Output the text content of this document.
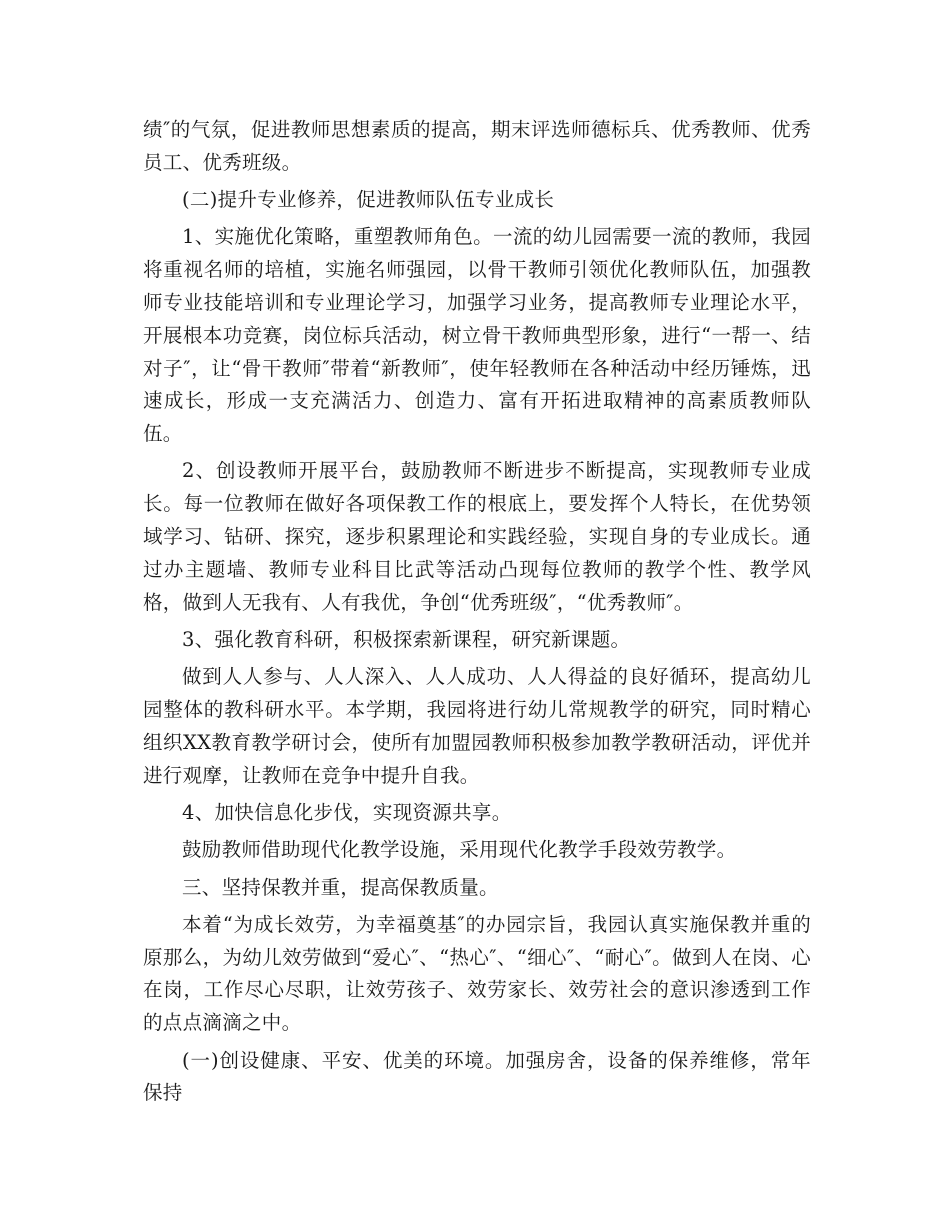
绩″的气氛，促进教师思想素质的提高，期末评选师德标兵、优秀教师、优秀员工、优秀班级。

(二)提升专业修养，促进教师队伍专业成长

1、实施优化策略，重塑教师角色。一流的幼儿园需要一流的教师，我园将重视名师的培植，实施名师强园，以骨干教师引领优化教师队伍，加强教师专业技能培训和专业理论学习，加强学习业务，提高教师专业理论水平，开展根本功竞赛，岗位标兵活动，树立骨干教师典型形象，进行“一帮一、结对子″，让“骨干教师″带着“新教师″，使年轻教师在各种活动中经历锤炼，迅速成长，形成一支充满活力、创造力、富有开拓进取精神的高素质教师队伍。

2、创设教师开展平台，鼓励教师不断进步不断提高，实现教师专业成长。每一位教师在做好各项保教工作的根底上，要发挥个人特长，在优势领域学习、钻研、探究，逐步积累理论和实践经验，实现自身的专业成长。通过办主题墙、教师专业科目比武等活动凸现每位教师的教学个性、教学风格，做到人无我有、人有我优，争创“优秀班级″，“优秀教师″。

3、强化教育科研，积极探索新课程，研究新课题。

做到人人参与、人人深入、人人成功、人人得益的良好循环，提高幼儿园整体的教科研水平。本学期，我园将进行幼儿常规教学的研究，同时精心组织XX教育教学研讨会，使所有加盟园教师积极参加教学教研活动，评优并进行观摩，让教师在竞争中提升自我。

4、加快信息化步伐，实现资源共享。

鼓励教师借助现代化教学设施，采用现代化教学手段效劳教学。

三、坚持保教并重，提高保教质量。

本着“为成长效劳，为幸福奠基″的办园宗旨，我园认真实施保教并重的原那么，为幼儿效劳做到“爱心″、“热心″、“细心″、“耐心″。做到人在岗、心在岗，工作尽心尽职，让效劳孩子、效劳家长、效劳社会的意识渗透到工作的点点滴滴之中。

(一)创设健康、平安、优美的环境。加强房舍，设备的保养维修，常年保持
